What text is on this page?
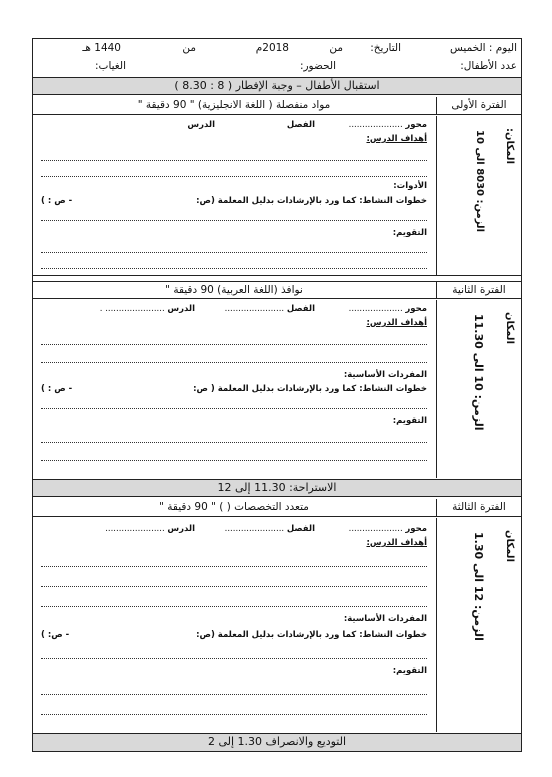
اليوم : الخميس
التاريخ:
من
2018م
من
1440 هـ
عدد الأطفال:
الحضور:
الغياب:
استقبال الأطفال – وجبة الإفطار ( 8 : 8.30 )
الفترة الأولى
مواد منفصلة ( اللغة الانجليزية) " 90 دقيقة "
المكان:
الزمن: 8030 الى 10
محور ....................
الفصل
الدرس
أهداف الدرس:
الأدوات:
خطوات النشاط: كما ورد بالإرشادات بدليل المعلمة (ص:
- ص : )
التقويم:
الفترة الثانية
نوافذ (اللغة العربية) 90 دقيقة "
المكان
الزمن: 10 الى 11.30
محور ....................
الفصل ......................
الدرس ...................... .
أهداف الدرس:
المفردات الأساسية:
خطوات النشاط: كما ورد بالإرشادات بدليل المعلمة ( ص:
- ص : )
التقويم:
الاستراحة: 11.30 إلى 12
الفترة الثالثة
متعدد التخصصات ( ) " 90 دقيقة "
المكان
الزمن: 12 الى 1.30
محور ....................
الفصل ......................
الدرس ......................
أهداف الدرس:
المفردات الأساسية:
خطوات النشاط: كما ورد بالإرشادات بدليل المعلمة (ص:
- ص: )
التقويم:
التوديع والانصراف 1.30 إلى 2
